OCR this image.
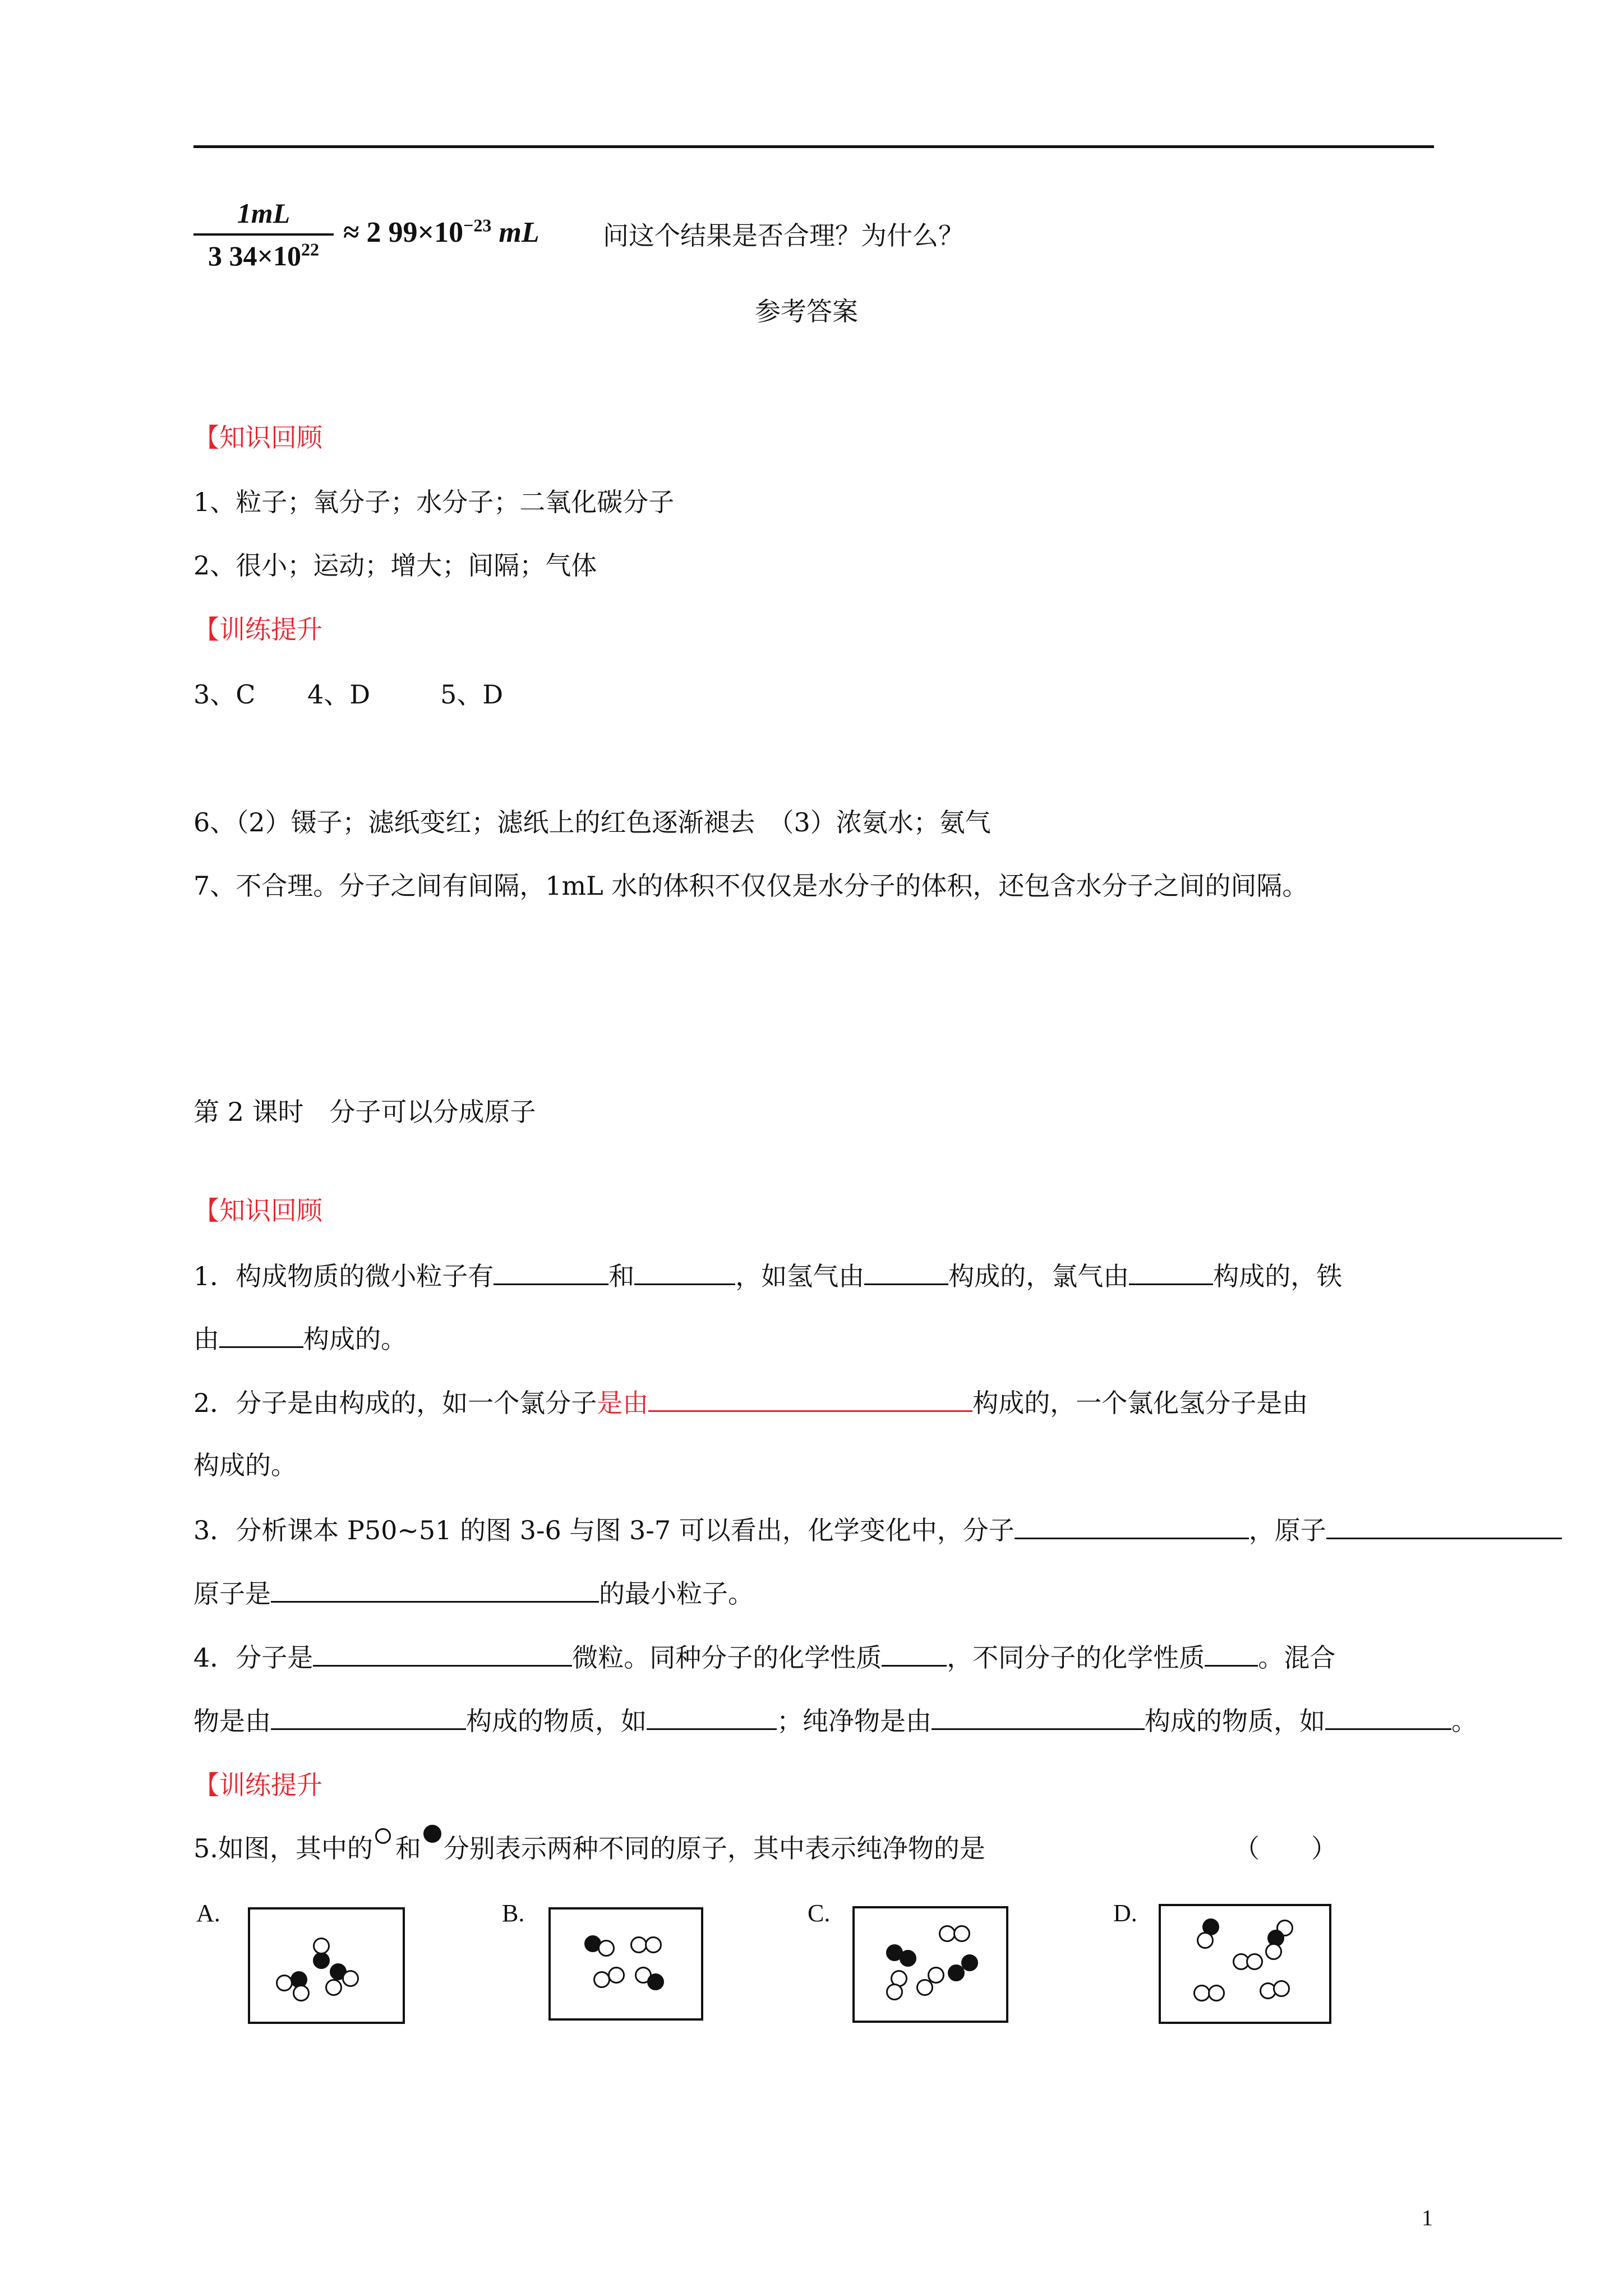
1mL
3 $34\times 10^{22}$
≈ 2 $99\times 10^{-23}$ mL 问这个结果是否合理？为什么？
参考答案
【知识回顾
1、粒子；氧分子；水分子；二氧化碳分子
2、很小；运动；增大；间隔；气体
【训练提升
3、C 4、D	5、D
6、（2）镊子；滤纸变红；滤纸上的红色逐渐褪去　（3）浓氨水；氨气
7、不合理。分子之间有间隔，1mL 水的体积不仅仅是水分子的体积，还包含水分子之间的间隔。
第 2 课时　分子可以分成原子
【知识回顾
1．构成物质的微小粒子有	和	，如氢气由	构成的，氯气由	构成的，铁
由	构成的。
2．分子是由构成的，如一个氯分子是由	构成的，一个氯化氢分子是由
构成的。
3．分析课本 P50~51 的图 3-6 与图 3-7 可以看出，化学变化中，分子	，原子
原子是	的最小粒子。
4．分子是	微粒。同种分子的化学性质	，不同分子的化学性质 。混合
物是由	构成的物质，如	；纯净物是由	构成的物质，如	。
【训练提升
5.如图，其中的 和 分别表示两种不同的原子，其中表示纯净物的是	（　　）
A.	B.	C.	D.
1
